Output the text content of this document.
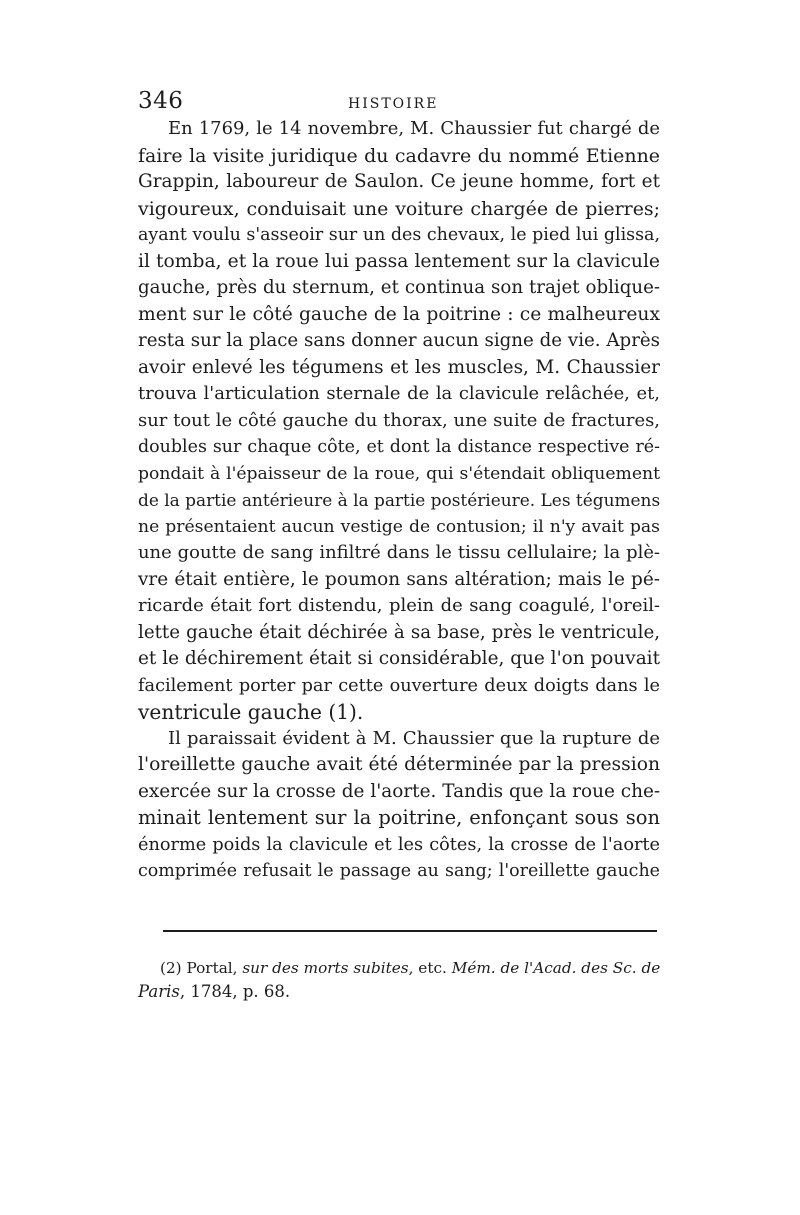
346	HISTOIRE
En 1769, le 14 novembre, M. Chaussier fut chargé de
faire la visite juridique du cadavre du nommé Etienne
Grappin, laboureur de Saulon. Ce jeune homme, fort et
vigoureux, conduisait une voiture chargée de pierres;
ayant voulu s'asseoir sur un des chevaux, le pied lui glissa,
il tomba, et la roue lui passa lentement sur la clavicule
gauche, près du sternum, et continua son trajet oblique-
ment sur le côté gauche de la poitrine : ce malheureux
resta sur la place sans donner aucun signe de vie. Après
avoir enlevé les tégumens et les muscles, M. Chaussier
trouva l'articulation sternale de la clavicule relâchée, et,
sur tout le côté gauche du thorax, une suite de fractures,
doubles sur chaque côte, et dont la distance respective ré-
pondait à l'épaisseur de la roue, qui s'étendait obliquement
de la partie antérieure à la partie postérieure. Les tégumens
ne présentaient aucun vestige de contusion; il n'y avait pas
une goutte de sang infiltré dans le tissu cellulaire; la plè-
vre était entière, le poumon sans altération; mais le pé-
ricarde était fort distendu, plein de sang coagulé, l'oreil-
lette gauche était déchirée à sa base, près le ventricule,
et le déchirement était si considérable, que l'on pouvait
facilement porter par cette ouverture deux doigts dans le
ventricule gauche (1).
Il paraissait évident à M. Chaussier que la rupture de
l'oreillette gauche avait été déterminée par la pression
exercée sur la crosse de l'aorte. Tandis que la roue che-
minait lentement sur la poitrine, enfonçant sous son
énorme poids la clavicule et les côtes, la crosse de l'aorte
comprimée refusait le passage au sang; l'oreillette gauche
(2) Portal, sur des morts subites, etc. Mém. de l'Acad. des Sc. de
Paris, 1784, p. 68.
